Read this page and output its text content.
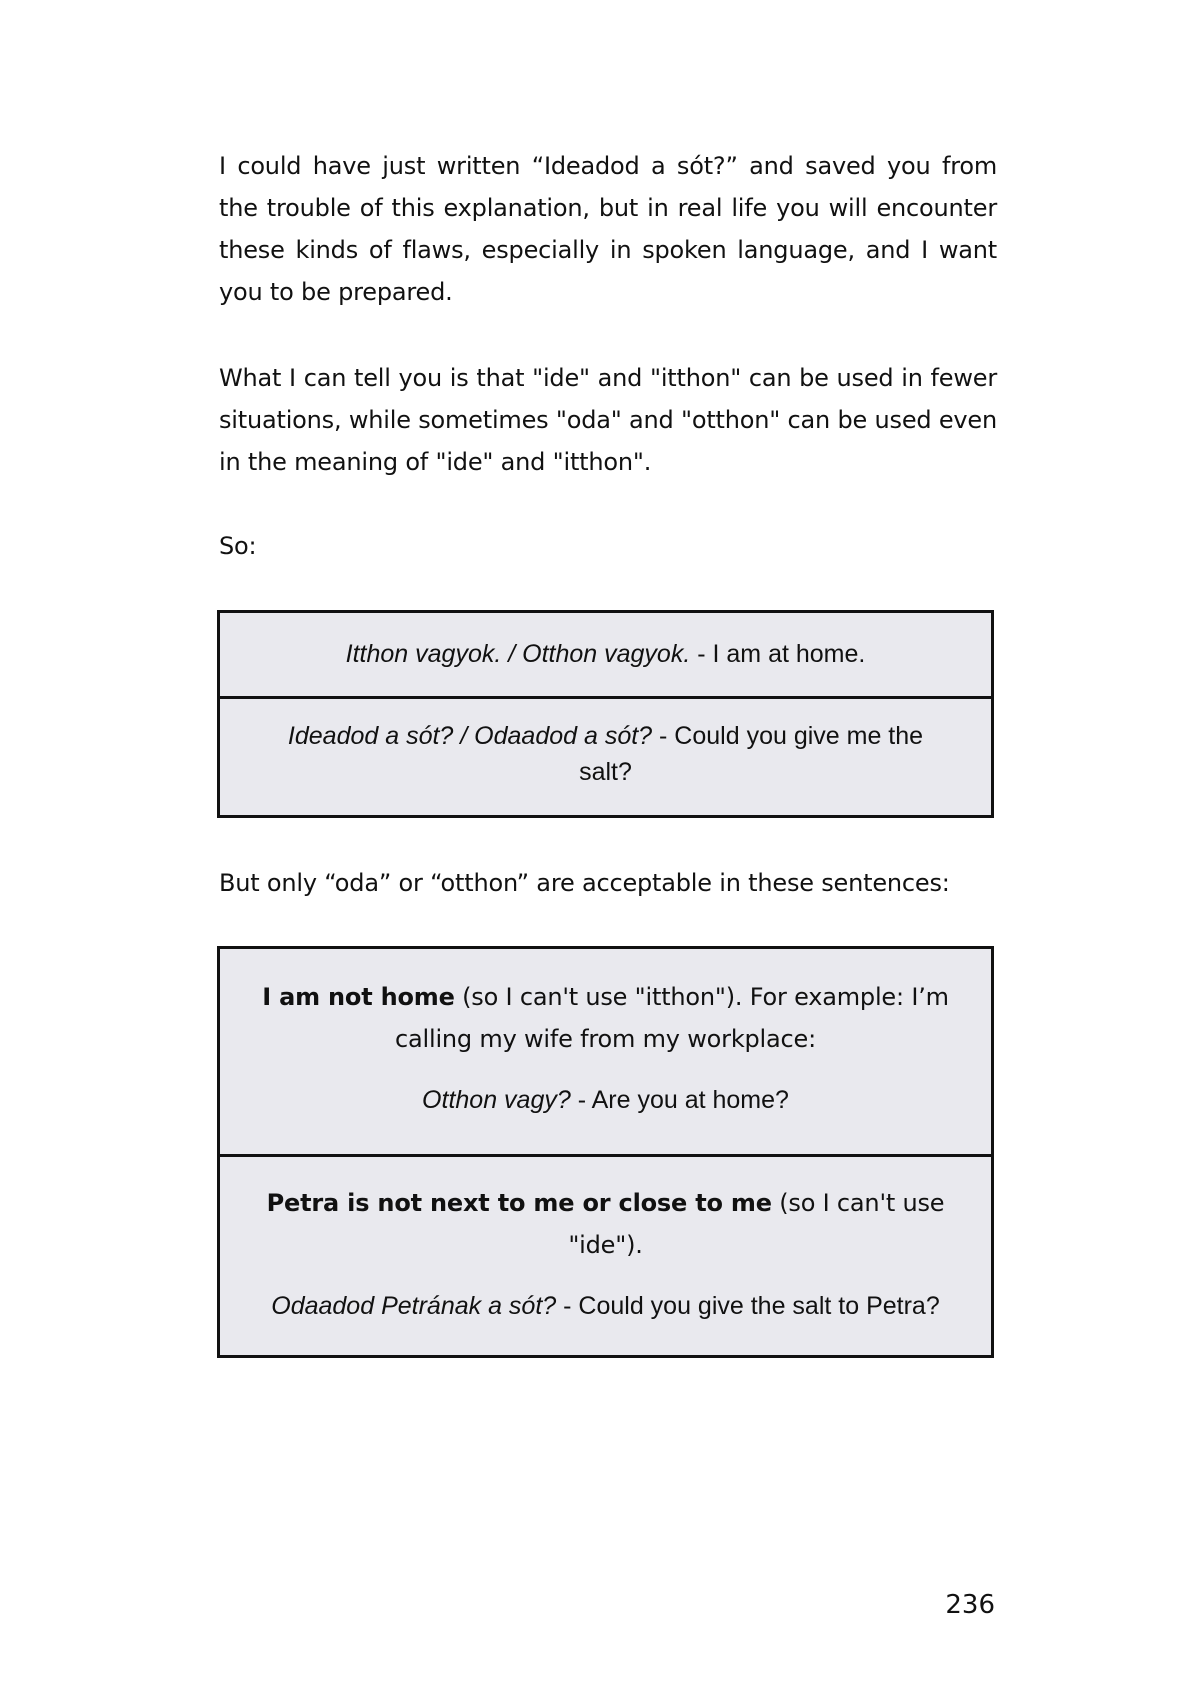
I could have just written “Ideadod a sót?” and saved you from the trouble of this explanation, but in real life you will encounter these kinds of flaws, especially in spoken language, and I want you to be prepared.

What I can tell you is that "ide" and "itthon" can be used in fewer situations, while sometimes "oda" and "otthon" can be used even in the meaning of "ide" and "itthon".

So:

Itthon vagyok. / Otthon vagyok. - I am at home.

Ideadod a sót? / Odaadod a sót? - Could you give me the salt?

But only “oda” or “otthon” are acceptable in these sentences:

I am not home (so I can't use "itthon"). For example: I’m calling my wife from my workplace:

Otthon vagy? - Are you at home?

Petra is not next to me or close to me (so I can't use "ide").

Odaadod Petrának a sót? - Could you give the salt to Petra?

236
